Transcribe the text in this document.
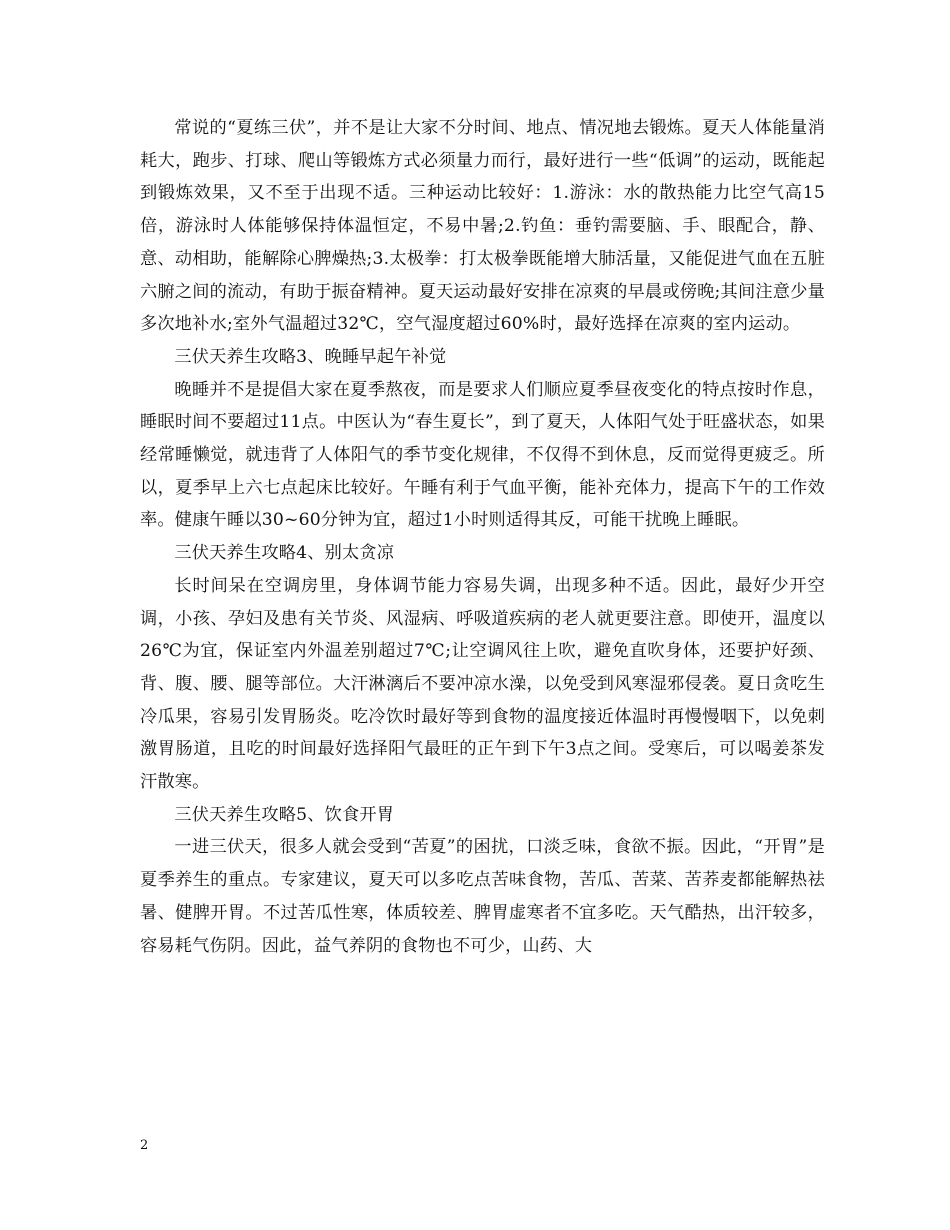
常说的“夏练三伏”，并不是让大家不分时间、地点、情况地去锻炼。夏天人体能量消耗大，跑步、打球、爬山等锻炼方式必须量力而行，最好进行一些“低调”的运动，既能起到锻炼效果，又不至于出现不适。三种运动比较好：1.游泳：水的散热能力比空气高15倍，游泳时人体能够保持体温恒定，不易中暑;2.钓鱼：垂钓需要脑、手、眼配合，静、意、动相助，能解除心脾燥热;3.太极拳：打太极拳既能增大肺活量，又能促进气血在五脏六腑之间的流动，有助于振奋精神。夏天运动最好安排在凉爽的早晨或傍晚;其间注意少量多次地补水;室外气温超过32℃，空气湿度超过60%时，最好选择在凉爽的室内运动。

三伏天养生攻略3、晚睡早起午补觉

晚睡并不是提倡大家在夏季熬夜，而是要求人们顺应夏季昼夜变化的特点按时作息，睡眠时间不要超过11点。中医认为“春生夏长”，到了夏天，人体阳气处于旺盛状态，如果经常睡懒觉，就违背了人体阳气的季节变化规律，不仅得不到休息，反而觉得更疲乏。所以，夏季早上六七点起床比较好。午睡有利于气血平衡，能补充体力，提高下午的工作效率。健康午睡以30~60分钟为宜，超过1小时则适得其反，可能干扰晚上睡眠。

三伏天养生攻略4、别太贪凉

长时间呆在空调房里，身体调节能力容易失调，出现多种不适。因此，最好少开空调，小孩、孕妇及患有关节炎、风湿病、呼吸道疾病的老人就更要注意。即使开，温度以26℃为宜，保证室内外温差别超过7℃;让空调风往上吹，避免直吹身体，还要护好颈、背、腹、腰、腿等部位。大汗淋漓后不要冲凉水澡，以免受到风寒湿邪侵袭。夏日贪吃生冷瓜果，容易引发胃肠炎。吃冷饮时最好等到食物的温度接近体温时再慢慢咽下，以免刺激胃肠道，且吃的时间最好选择阳气最旺的正午到下午3点之间。受寒后，可以喝姜茶发汗散寒。

三伏天养生攻略5、饮食开胃

一进三伏天，很多人就会受到“苦夏”的困扰，口淡乏味，食欲不振。因此，“开胃”是夏季养生的重点。专家建议，夏天可以多吃点苦味食物，苦瓜、苦菜、苦荞麦都能解热祛暑、健脾开胃。不过苦瓜性寒，体质较差、脾胃虚寒者不宜多吃。天气酷热，出汗较多，容易耗气伤阴。因此，益气养阴的食物也不可少，山药、大

2
